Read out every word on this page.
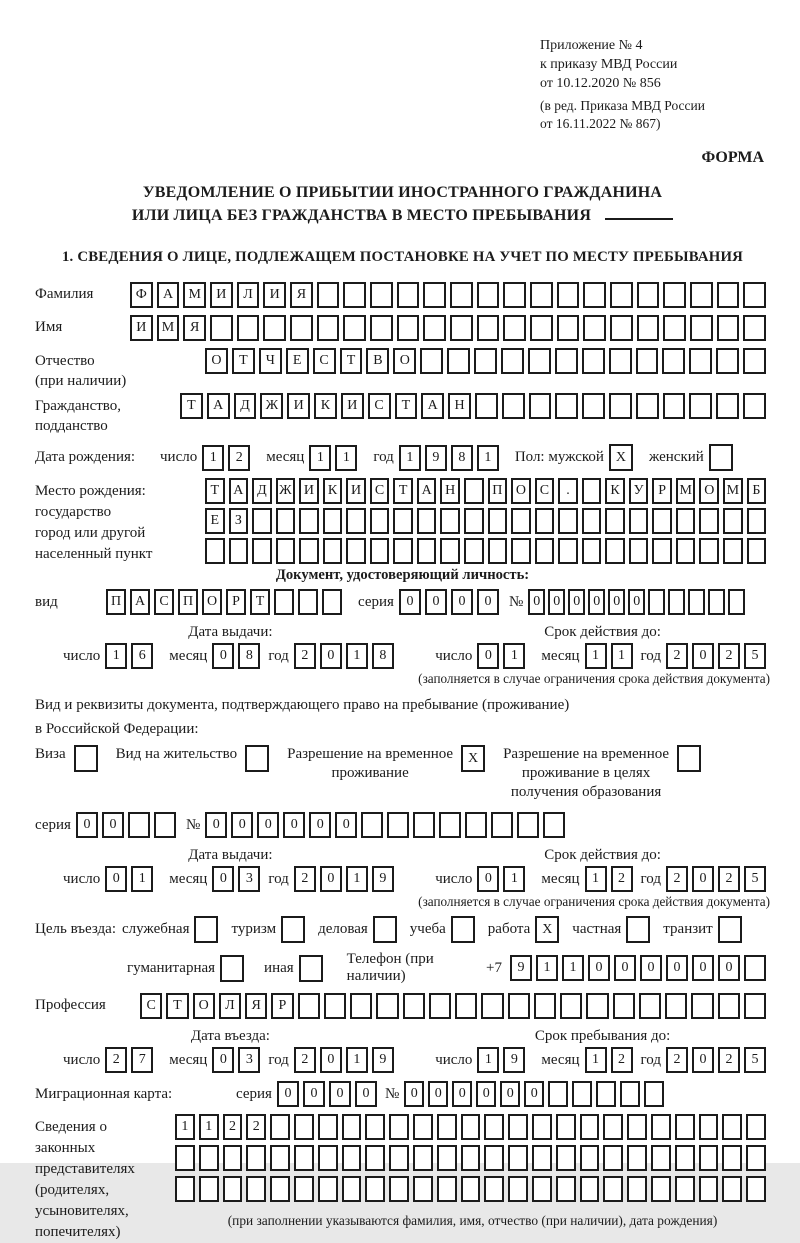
Приложение № 4
к приказу МВД России
от 10.12.2020 № 856
(в ред. Приказа МВД России
от 16.11.2022 № 867)
ФОРМА
УВЕДОМЛЕНИЕ О ПРИБЫТИИ ИНОСТРАННОГО ГРАЖДАНИНА
ИЛИ ЛИЦА БЕЗ ГРАЖДАНСТВА В МЕСТО ПРЕБЫВАНИЯ
1. СВЕДЕНИЯ О ЛИЦЕ, ПОДЛЕЖАЩЕМ ПОСТАНОВКЕ НА УЧЕТ ПО МЕСТУ ПРЕБЫВАНИЯ
Фамилия	Ф	А	М	И	Л	И	Я
Имя	И	М	Я
Отчество
(при наличии)
О	Т	Ч	Е	С	Т	В	О
Гражданство,
подданство
Т	А	Д	Ж	И	К	И	С	Т	А	Н
Дата рождения:	число 1	2	месяц 1	1	год 1	9	8	1	Пол: мужской X	женский
Место рождения:
государство
город или другой
населенный пункт
Т	А Д Ж И К И С	Т	А Н	П О С	.	К У	Р М О М Б
Е	З
Документ, удостоверяющий личность:
вид	П А	С	П О	Р	Т	серия 0	0	0	0	№ 0 0 0 0 0 0
Дата выдачи:
число 1	6	месяц 0	8	год 2	0	1	8
Срок действия до:
число 0	1	месяц 1	1	год 2	0	2	5
(заполняется в случае ограничения срока действия документа)
Вид и реквизиты документа, подтверждающего право на пребывание (проживание)
в Российской Федерации:
Виза	Вид на жительство	Разрешение на временное
проживание
X	Разрешение на временное
проживание в целях
получения образования
серия 0	0	№ 0	0	0	0	0	0
Дата выдачи:
число 0	1	месяц 0	3	год 2	0	1	9
Срок действия до:
число 0	1	месяц 1	2	год 2	0	2	5
(заполняется в случае ограничения срока действия документа)
Цель въезда: служебная	туризм	деловая	учеба	работа X	частная	транзит
гуманитарная	иная
Телефон (при наличии)
+7	9	1	1	0	0	0	0	0	0
Профессия	С	Т	О	Л	Я	Р
Дата въезда:
число 2	7	месяц 0	3	год 2	0	1	9
Срок пребывания до:
число 1	9	месяц 1	2	год 2	0	2	5
Миграционная карта:	серия 0	0	0	0	№ 0	0	0	0	0	0
Сведения о
законных
представителях
(родителях,
усыновителях,
попечителях)
1	1	2	2
(при заполнении указываются фамилия, имя, отчество (при наличии), дата рождения)
